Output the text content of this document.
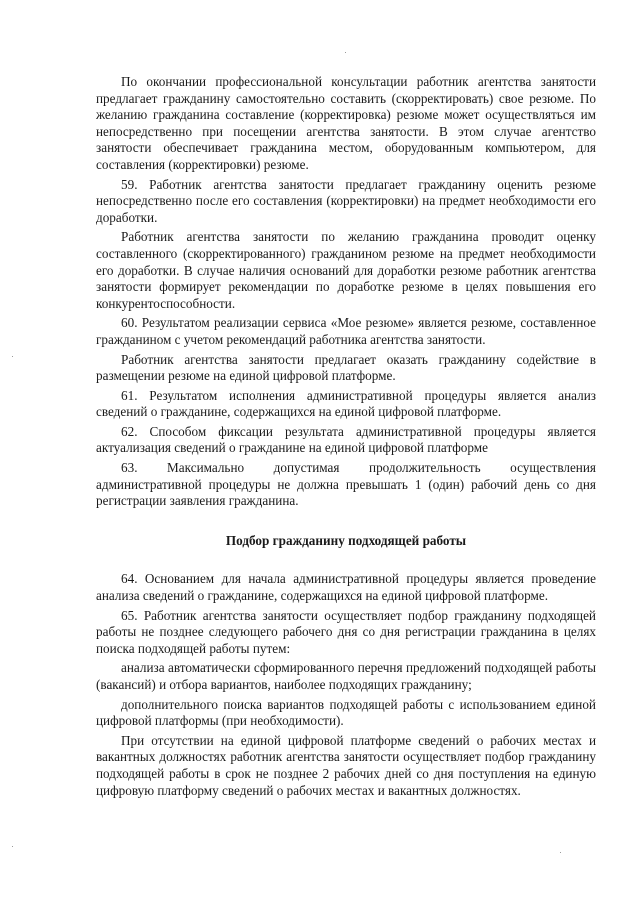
По окончании профессиональной консультации работник агентства занятости предлагает гражданину самостоятельно составить (скорректировать) свое резюме. По желанию гражданина составление (корректировка) резюме может осуществляться им непосредственно при посещении агентства занятости. В этом случае агентство занятости обеспечивает гражданина местом, оборудованным компьютером, для составления (корректировки) резюме.

59. Работник агентства занятости предлагает гражданину оценить резюме непосредственно после его составления (корректировки) на предмет необходимости его доработки.

Работник агентства занятости по желанию гражданина проводит оценку составленного (скорректированного) гражданином резюме на предмет необходимости его доработки. В случае наличия оснований для доработки резюме работник агентства занятости формирует рекомендации по доработке резюме в целях повышения его конкурентоспособности.

60. Результатом реализации сервиса «Мое резюме» является резюме, составленное гражданином с учетом рекомендаций работника агентства занятости.

Работник агентства занятости предлагает оказать гражданину содействие в размещении резюме на единой цифровой платформе.

61. Результатом исполнения административной процедуры является анализ сведений о гражданине, содержащихся на единой цифровой платформе.

62. Способом фиксации результата административной процедуры является актуализация сведений о гражданине на единой цифровой платформе

63. Максимально допустимая продолжительность осуществления административной процедуры не должна превышать 1 (один) рабочий день со дня регистрации заявления гражданина.

Подбор гражданину подходящей работы

64. Основанием для начала административной процедуры является проведение анализа сведений о гражданине, содержащихся на единой цифровой платформе.

65. Работник агентства занятости осуществляет подбор гражданину подходящей работы не позднее следующего рабочего дня со дня регистрации гражданина в целях поиска подходящей работы путем:

анализа автоматически сформированного перечня предложений подходящей работы (вакансий) и отбора вариантов, наиболее подходящих гражданину;

дополнительного поиска вариантов подходящей работы с использованием единой цифровой платформы (при необходимости).

При отсутствии на единой цифровой платформе сведений о рабочих местах и вакантных должностях работник агентства занятости осуществляет подбор гражданину подходящей работы в срок не позднее 2 рабочих дней со дня поступления на единую цифровую платформу сведений о рабочих местах и вакантных должностях.
